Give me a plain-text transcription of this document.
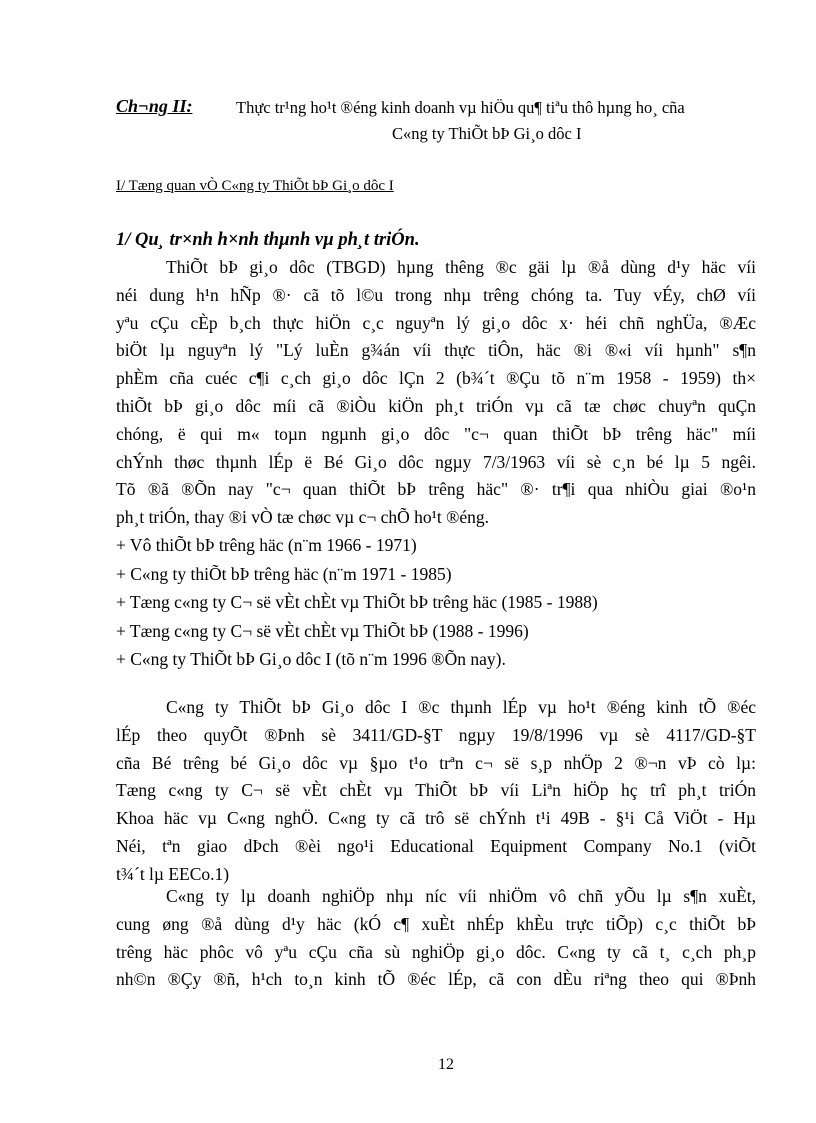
Ch¬ng II:	Thực tr¹ng ho¹t ®éng kinh doanh vµ hiÖu qu¶ tiªu thô hµng ho¸ cña
C«ng ty ThiÕt bÞ Gi¸o dôc I
I/ Tæng quan vÒ C«ng ty ThiÕt bÞ Gi¸o dôc I
1/ Qu¸ tr×nh h×nh thµnh vµ ph¸t triÓn.
ThiÕt bÞ gi¸o dôc (TBGD) hµng thêng ®c gäi lµ ®å dùng d¹y häc víi
néi dung h¹n hÑp ®· cã tõ l©u trong nhµ trêng chóng ta. Tuy vÉy, chØ víi
yªu cÇu cÈp b¸ch thực hiÖn c¸c nguyªn lý gi¸o dôc x· héi chñ nghÜa, ®Æc
biÖt lµ nguyªn lý "Lý luÈn g¾án víi thực tiÔn, häc ®i ®«i víi hµnh" s¶n
phÈm cña cuéc c¶i c¸ch gi¸o dôc lÇn 2 (b¾´t ®Çu tõ n¨m 1958 - 1959) th×
thiÕt bÞ gi¸o dôc míi cã ®iÒu kiÖn ph¸t triÓn vµ cã tæ chøc chuyªn quÇn
chóng, ë qui m« toµn ngµnh gi¸o dôc "c¬ quan thiÕt bÞ trêng häc" míi
chÝnh thøc thµnh lÉp ë Bé Gi¸o dôc ngµy 7/3/1963 víi sè c¸n bé lµ 5 ngêi.
Tõ ®ã ®Õn nay "c¬ quan thiÕt bÞ trêng häc" ®· tr¶i qua nhiÒu giai ®o¹n
ph¸t triÓn, thay ®i vÒ tæ chøc vµ c¬ chÕ ho¹t ®éng.
+ Vô thiÕt bÞ trêng häc (n¨m 1966 - 1971)
+ C«ng ty thiÕt bÞ trêng häc (n¨m 1971 - 1985)
+ Tæng c«ng ty C¬ së vÈt chÈt vµ ThiÕt bÞ trêng häc (1985 - 1988)
+ Tæng c«ng ty C¬ së vÈt chÈt vµ ThiÕt bÞ (1988 - 1996)
+ C«ng ty ThiÕt bÞ Gi¸o dôc I (tõ n¨m 1996 ®Õn nay).
C«ng ty ThiÕt bÞ Gi¸o dôc I ®c thµnh lÉp vµ ho¹t ®éng kinh tÕ ®éc
lÉp theo quyÕt ®Þnh sè 3411/GD-§T ngµy 19/8/1996 vµ sè 4117/GD-§T
cña Bé trêng bé Gi¸o dôc vµ §µo t¹o trªn c¬ së s¸p nhÖp 2 ®¬n vÞ cò lµ:
Tæng c«ng ty C¬ së vÈt chÈt vµ ThiÕt bÞ víi Liªn hiÖp hç trî ph¸t triÓn
Khoa häc vµ C«ng nghÖ. C«ng ty cã trô së chÝnh t¹i 49B - §¹i Cå ViÖt - Hµ
Néi, tªn giao dÞch ®èi ngo¹i Educational Equipment Company No.1 (viÕt
t¾´t lµ EECo.1)
C«ng ty lµ doanh nghiÖp nhµ níc víi nhiÖm vô chñ yÕu lµ s¶n xuÈt,
cung øng ®å dùng d¹y häc (kÓ c¶ xuÈt nhÉp khÈu trực tiÕp) c¸c thiÕt bÞ
trêng häc phôc vô yªu cÇu cña sù nghiÖp gi¸o dôc. C«ng ty cã t¸ c¸ch ph¸p
nh©n ®Çy ®ñ, h¹ch to¸n kinh tÕ ®éc lÉp, cã con dÈu riªng theo qui ®Þnh
12
